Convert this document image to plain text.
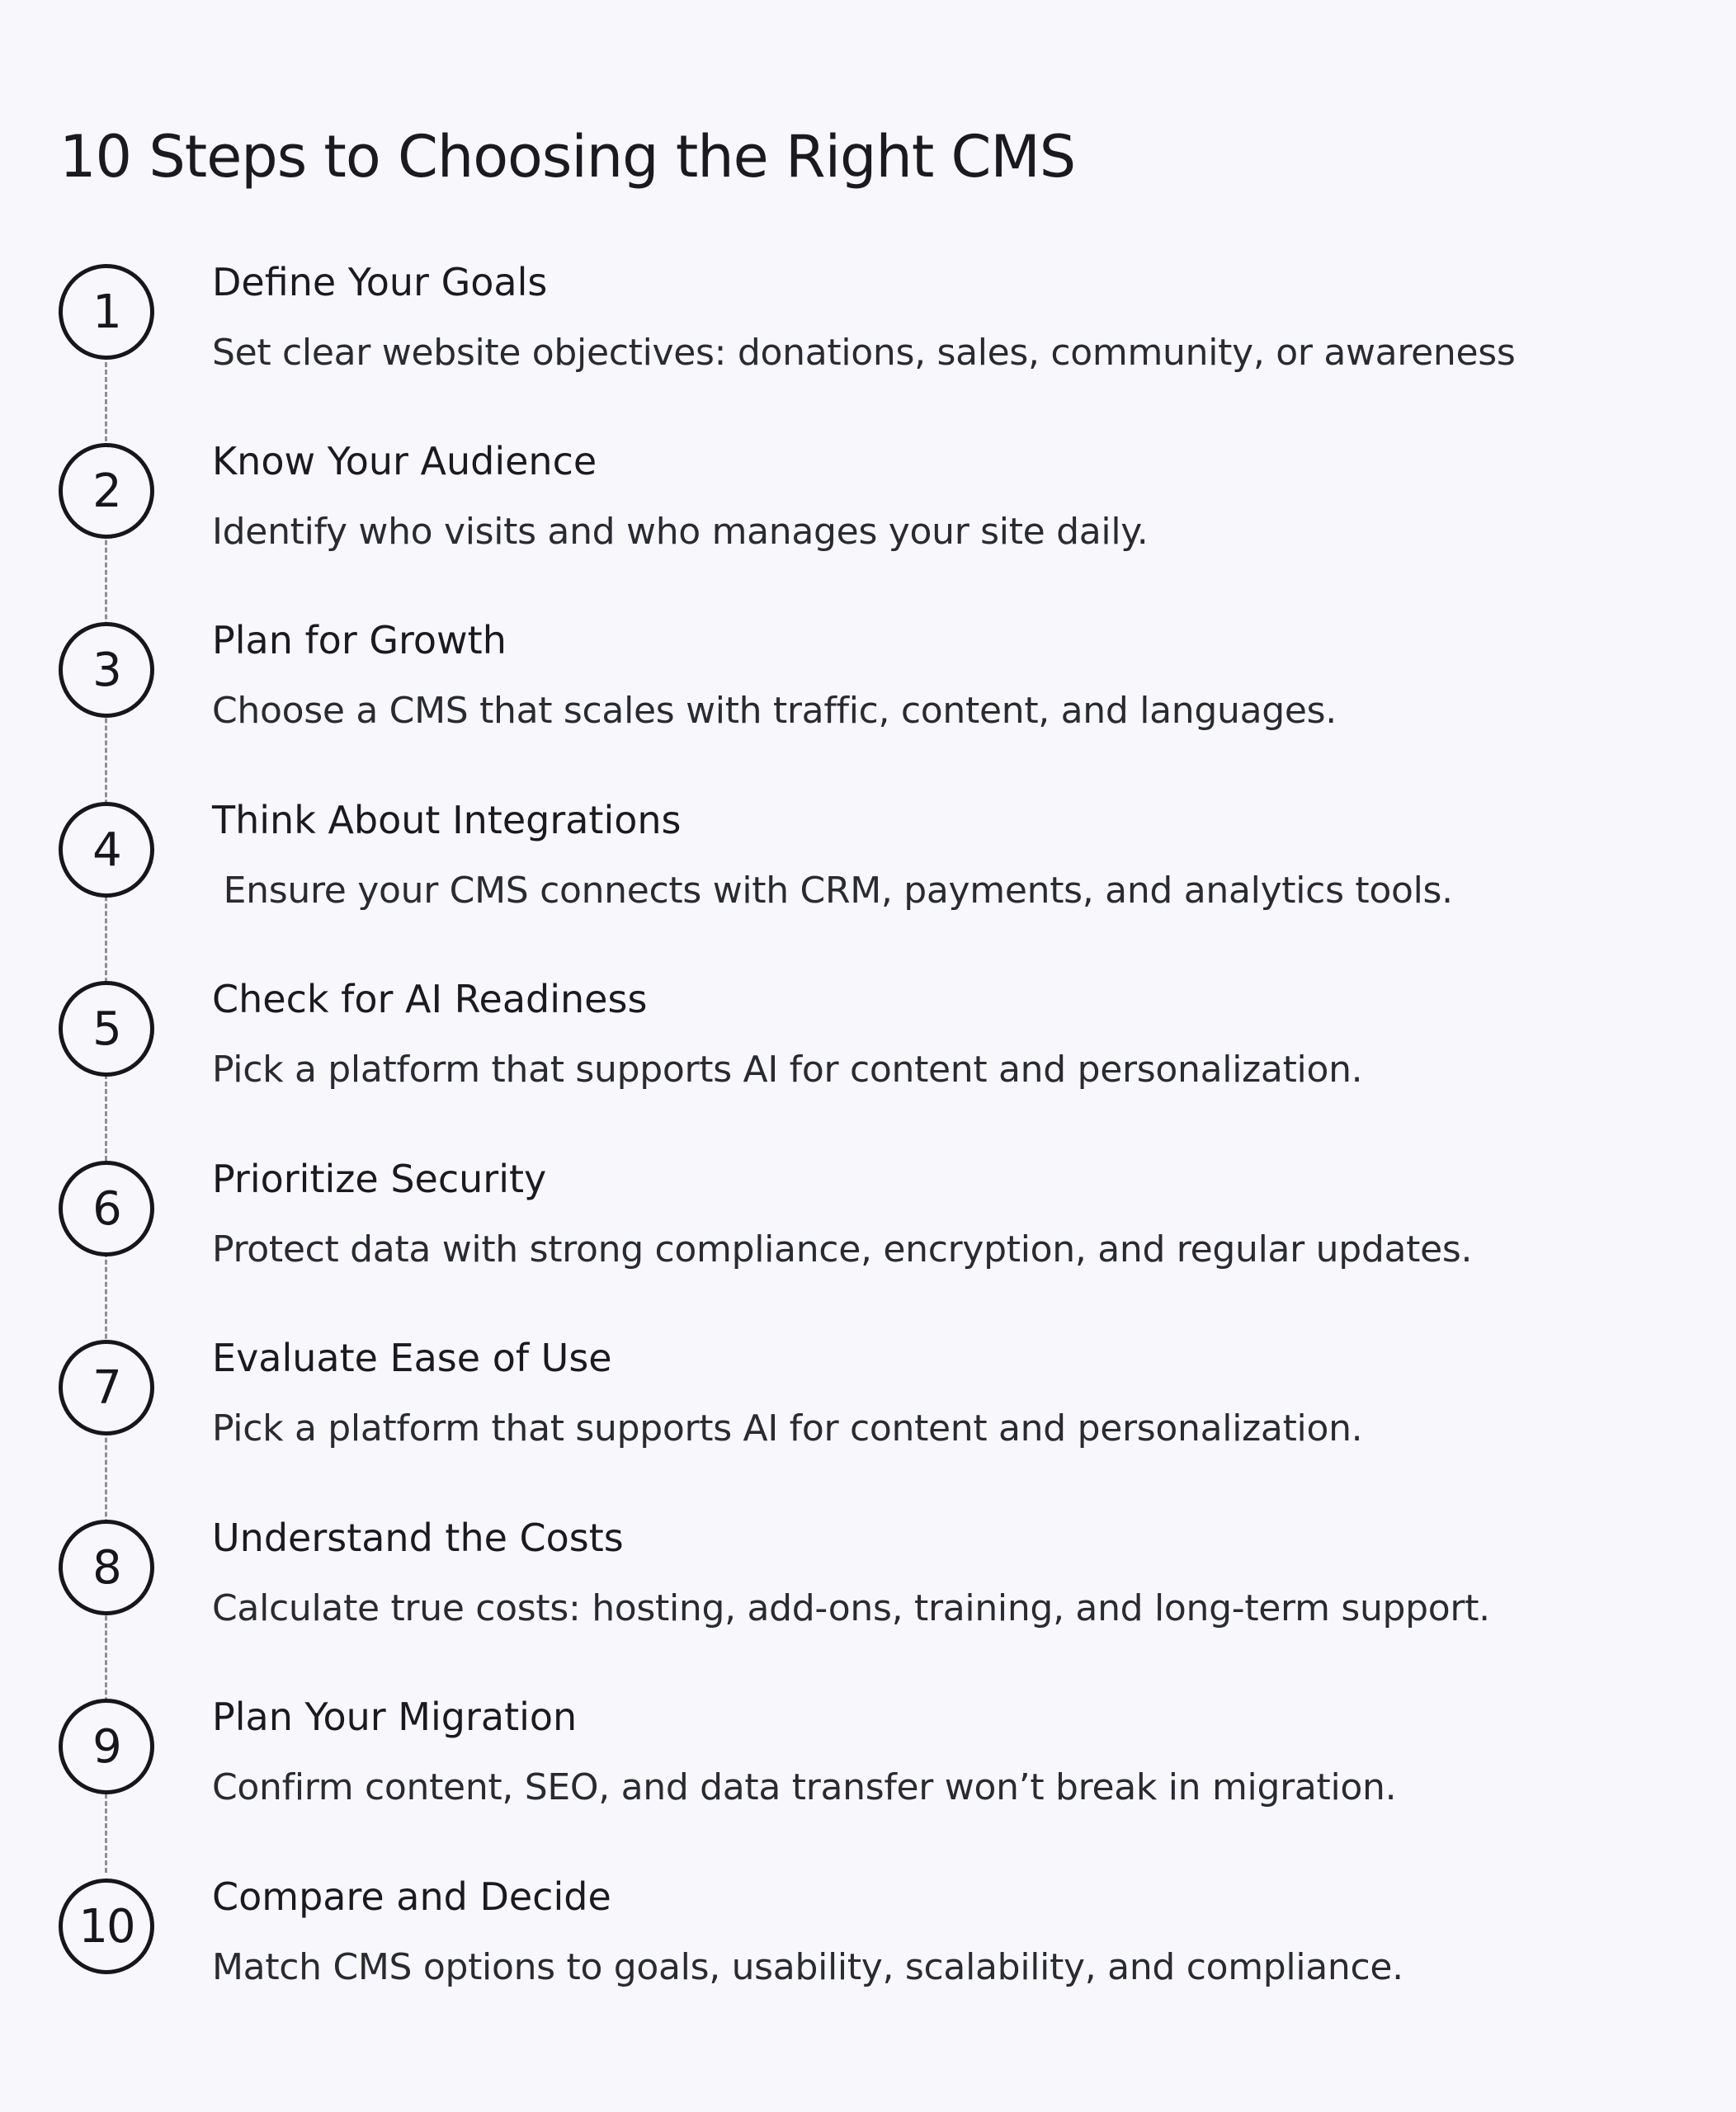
10 Steps to Choosing the Right CMS
1
Define Your Goals

Set clear website objectives: donations, sales, community, or awareness

2
Know Your Audience

Identify who visits and who manages your site daily.

3
Plan for Growth

Choose a CMS that scales with traffic, content, and languages.

4
Think About Integrations

Ensure your CMS connects with CRM, payments, and analytics tools.

5
Check for AI Readiness

Pick a platform that supports AI for content and personalization.

6
Prioritize Security

Protect data with strong compliance, encryption, and regular updates.

7
Evaluate Ease of Use

Pick a platform that supports AI for content and personalization.

8
Understand the Costs

Calculate true costs: hosting, add-ons, training, and long-term support.

9
Plan Your Migration

Confirm content, SEO, and data transfer won’t break in migration.

10
Compare and Decide

Match CMS options to goals, usability, scalability, and compliance.
